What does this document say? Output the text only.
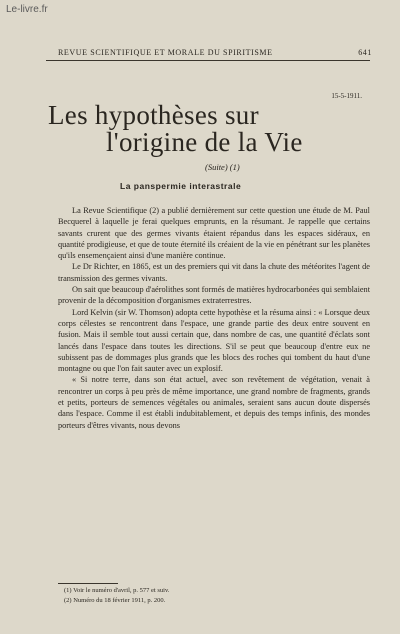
Le-livre.fr
REVUE SCIENTIFIQUE ET MORALE DU SPIRITISME	641
15-5-1911.
Les hypothèses sur
l'origine de la Vie
(Suite) (1)
La panspermie interastrale

La Revue Scientifique (2) a publié dernièrement sur cette question une étude de M. Paul Becquerel à laquelle je ferai quelques emprunts, en la résumant. Je rappelle que certains savants crurent que des germes vivants étaient répandus dans les espaces sidéraux, en quantité prodigieuse, et que de toute éternité ils créaient de la vie en pénétrant sur les planètes qu'ils ensemençaient ainsi d'une manière continue.

Le Dr Richter, en 1865, est un des premiers qui vit dans la chute des météorites l'agent de transmission des germes vivants.

On sait que beaucoup d'aérolithes sont formés de matières hydrocarbonées qui semblaient provenir de la décomposition d'organismes extraterrestres.

Lord Kelvin (sir W. Thomson) adopta cette hypothèse et la résuma ainsi : « Lorsque deux corps célestes se rencontrent dans l'espace, une grande partie des deux entre souvent en fusion. Mais il semble tout aussi certain que, dans nombre de cas, une quantité d'éclats sont lancés dans l'espace dans toutes les directions. S'il se peut que beaucoup d'entre eux ne subissent pas de dommages plus grands que les blocs des roches qui tombent du haut d'une montagne ou que l'on fait sauter avec un explosif.

« Si notre terre, dans son état actuel, avec son revêtement de végétation, venait à rencontrer un corps à peu près de même importance, une grand nombre de fragments, grands et petits, porteurs de semences végétales ou animales, seraient sans aucun doute dispersés dans l'espace. Comme il est établi indubitablement, et depuis des temps infinis, des mondes porteurs d'êtres vivants, nous devons

(1) Voir le numéro d'avril, p. 577 et suiv.
(2) Numéro du 18 février 1911, p. 200.
